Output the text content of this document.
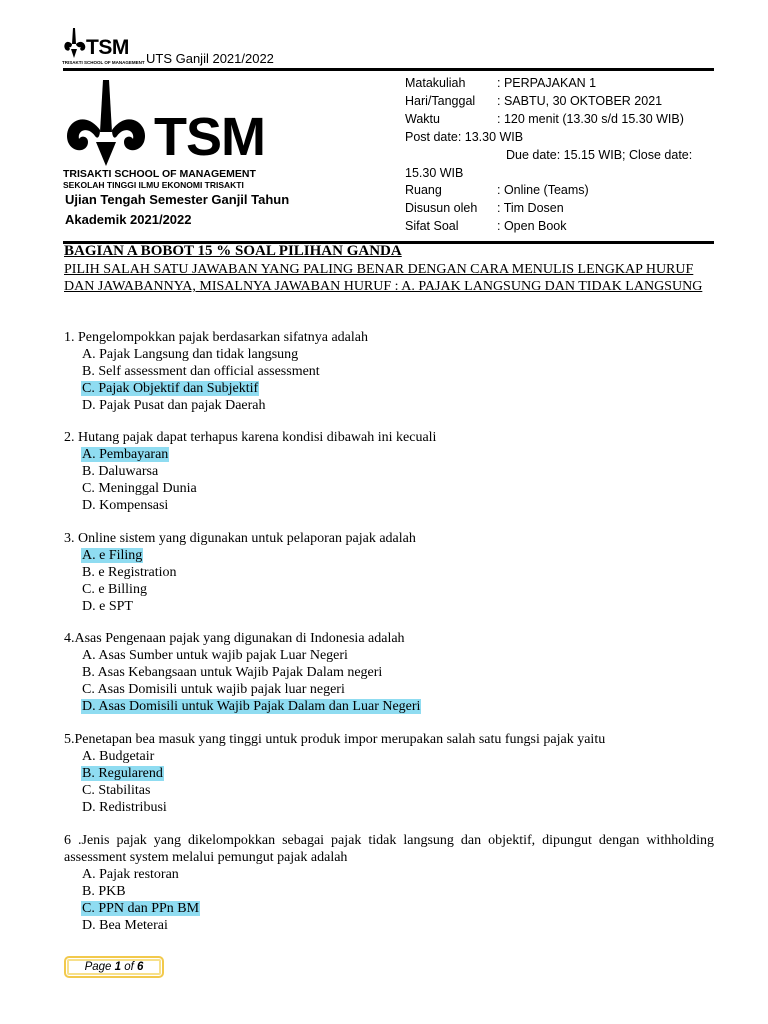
TSM
TRISAKTI SCHOOL OF MANAGEMENT UTS Ganjil 2021/2022
TSM
TRISAKTI SCHOOL OF MANAGEMENT
SEKOLAH TINGGI ILMU EKONOMI TRISAKTI
Ujian Tengah Semester Ganjil Tahun
Akademik 2021/2022
Matakuliah	: PERPAJAKAN 1
Hari/Tanggal : SABTU, 30 OKTOBER 2021
Waktu	: 120 menit (13.30 s/d 15.30 WIB)
Post date: 13.30 WIB
Due date: 15.15 WIB; Close date:
15.30 WIB
Ruang	: Online (Teams)
Disusun oleh : Tim Dosen
Sifat Soal	: Open Book
BAGIAN A BOBOT 15 % SOAL PILIHAN GANDA
PILIH SALAH SATU JAWABAN YANG PALING BENAR DENGAN CARA MENULIS LENGKAP HURUF DAN JAWABANNYA, MISALNYA JAWABAN HURUF : A. PAJAK LANGSUNG DAN TIDAK LANGSUNG
1. Pengelompokkan pajak berdasarkan sifatnya adalah
A. Pajak Langsung dan tidak langsung
B. Self assessment dan official assessment
C. Pajak Objektif dan Subjektif
D. Pajak Pusat dan pajak Daerah
2. Hutang pajak dapat terhapus karena kondisi dibawah ini kecuali
A. Pembayaran
B. Daluwarsa
C. Meninggal Dunia
D. Kompensasi
3. Online sistem yang digunakan untuk pelaporan pajak adalah
A. e Filing
B. e Registration
C. e Billing
D. e SPT
4.Asas Pengenaan pajak yang digunakan di Indonesia adalah
A. Asas Sumber untuk wajib pajak Luar Negeri
B. Asas Kebangsaan untuk Wajib Pajak Dalam negeri
C. Asas Domisili untuk wajib pajak luar negeri
D. Asas Domisili untuk Wajib Pajak Dalam dan Luar Negeri
5.Penetapan bea masuk yang tinggi untuk produk impor merupakan salah satu fungsi pajak yaitu
A. Budgetair
B. Regularend
C. Stabilitas
D. Redistribusi
6 .Jenis pajak yang dikelompokkan sebagai pajak tidak langsung dan objektif, dipungut dengan withholding assessment system melalui pemungut pajak adalah
A. Pajak restoran
B. PKB
C. PPN dan PPn BM
D. Bea Meterai
Page 1 of 6
